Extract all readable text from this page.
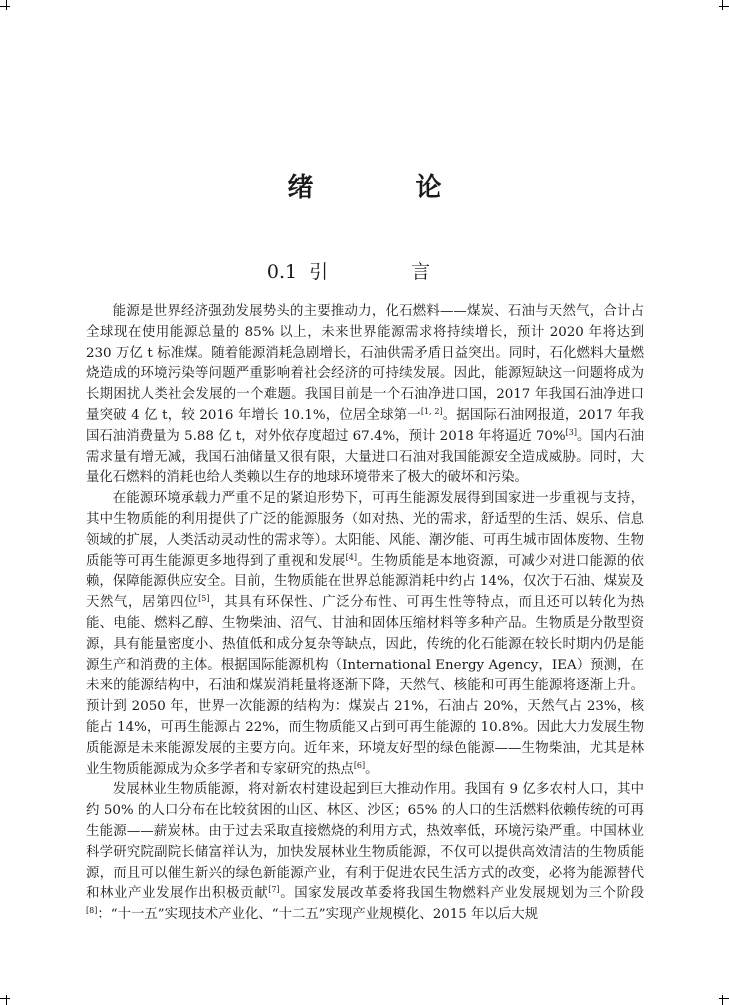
绪　论
0.1 引　言

能源是世界经济强劲发展势头的主要推动力，化石燃料——煤炭、石油与天然气，合计占全球现在使用能源总量的 85% 以上，未来世界能源需求将持续增长，预计 2020 年将达到 230 万亿 t 标准煤。随着能源消耗急剧增长，石油供需矛盾日益突出。同时，石化燃料大量燃烧造成的环境污染等问题严重影响着社会经济的可持续发展。因此，能源短缺这一问题将成为长期困扰人类社会发展的一个难题。我国目前是一个石油净进口国，2017 年我国石油净进口量突破 4 亿 t，较 2016 年增长 10.1%，位居全球第一[1, 2]。据国际石油网报道，2017 年我国石油消费量为 5.88 亿 t，对外依存度超过 67.4%，预计 2018 年将逼近 70%[3]。国内石油需求量有增无减，我国石油储量又很有限，大量进口石油对我国能源安全造成威胁。同时，大量化石燃料的消耗也给人类赖以生存的地球环境带来了极大的破坏和污染。

在能源环境承载力严重不足的紧迫形势下，可再生能源发展得到国家进一步重视与支持，其中生物质能的利用提供了广泛的能源服务（如对热、光的需求，舒适型的生活、娱乐、信息领域的扩展，人类活动灵动性的需求等）。太阳能、风能、潮汐能、可再生城市固体废物、生物质能等可再生能源更多地得到了重视和发展[4]。生物质能是本地资源，可减少对进口能源的依赖，保障能源供应安全。目前，生物质能在世界总能源消耗中约占 14%，仅次于石油、煤炭及天然气，居第四位[5]，其具有环保性、广泛分布性、可再生性等特点，而且还可以转化为热能、电能、燃料乙醇、生物柴油、沼气、甘油和固体压缩材料等多种产品。生物质是分散型资源，具有能量密度小、热值低和成分复杂等缺点，因此，传统的化石能源在较长时期内仍是能源生产和消费的主体。根据国际能源机构（International Energy Agency，IEA）预测，在未来的能源结构中，石油和煤炭消耗量将逐渐下降，天然气、核能和可再生能源将逐渐上升。预计到 2050 年，世界一次能源的结构为：煤炭占 21%，石油占 20%，天然气占 23%，核能占 14%，可再生能源占 22%，而生物质能又占到可再生能源的 10.8%。因此大力发展生物质能源是未来能源发展的主要方向。近年来，环境友好型的绿色能源——生物柴油，尤其是林业生物质能源成为众多学者和专家研究的热点[6]。

发展林业生物质能源，将对新农村建设起到巨大推动作用。我国有 9 亿多农村人口，其中约 50% 的人口分布在比较贫困的山区、林区、沙区；65% 的人口的生活燃料依赖传统的可再生能源——薪炭林。由于过去采取直接燃烧的利用方式，热效率低，环境污染严重。中国林业科学研究院副院长储富祥认为，加快发展林业生物质能源，不仅可以提供高效清洁的生物质能源，而且可以催生新兴的绿色新能源产业，有利于促进农民生活方式的改变，必将为能源替代和林业产业发展作出积极贡献[7]。国家发展改革委将我国生物燃料产业发展规划为三个阶段[8]：“十一五”实现技术产业化、“十二五”实现产业规模化、2015 年以后大规
